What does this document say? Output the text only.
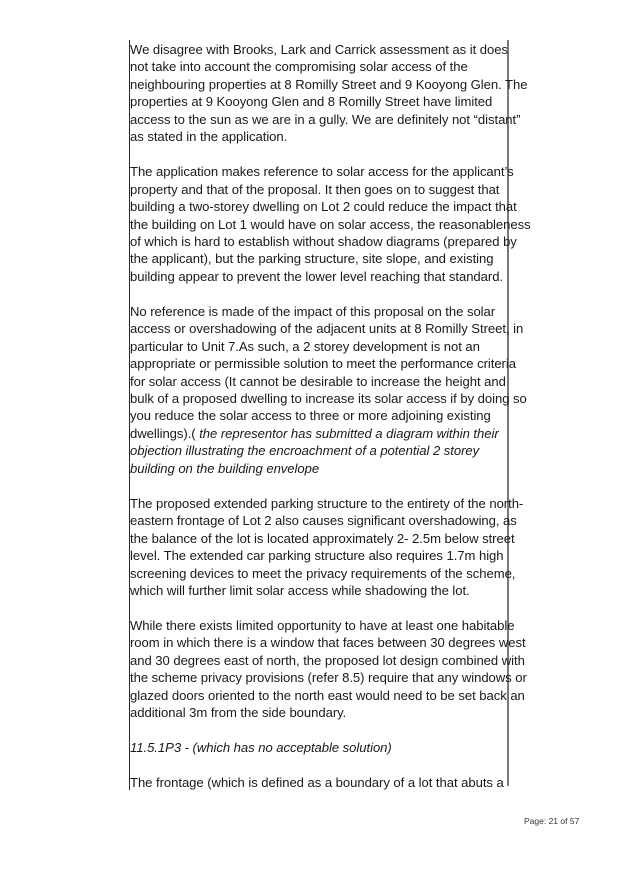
We disagree with Brooks, Lark and Carrick assessment as it does
not take into account the compromising solar access of the
neighbouring properties at 8 Romilly Street and 9 Kooyong Glen. The
properties at 9 Kooyong Glen and 8 Romilly Street have limited
access to the sun as we are in a gully. We are definitely not “distant”
as stated in the application.

The application makes reference to solar access for the applicant’s
property and that of the proposal. It then goes on to suggest that
building a two-storey dwelling on Lot 2 could reduce the impact that
the building on Lot 1 would have on solar access, the reasonableness
of which is hard to establish without shadow diagrams (prepared by
the applicant), but the parking structure, site slope, and existing
building appear to prevent the lower level reaching that standard.

No reference is made of the impact of this proposal on the solar
access or overshadowing of the adjacent units at 8 Romilly Street, in
particular to Unit 7.As such, a 2 storey development is not an
appropriate or permissible solution to meet the performance criteria
for solar access (It cannot be desirable to increase the height and
bulk of a proposed dwelling to increase its solar access if by doing so
you reduce the solar access to three or more adjoining existing
dwellings).( the representor has submitted a diagram within their
objection illustrating the encroachment of a potential 2 storey
building on the building envelope

The proposed extended parking structure to the entirety of the north-
eastern frontage of Lot 2 also causes significant overshadowing, as
the balance of the lot is located approximately 2- 2.5m below street
level. The extended car parking structure also requires 1.7m high
screening devices to meet the privacy requirements of the scheme,
which will further limit solar access while shadowing the lot.

While there exists limited opportunity to have at least one habitable
room in which there is a window that faces between 30 degrees west
and 30 degrees east of north, the proposed lot design combined with
the scheme privacy provisions (refer 8.5) require that any windows or
glazed doors oriented to the north east would need to be set back an
additional 3m from the side boundary.

11.5.1P3 - (which has no acceptable solution)

The frontage (which is defined as a boundary of a lot that abuts a

Page: 21 of 57
